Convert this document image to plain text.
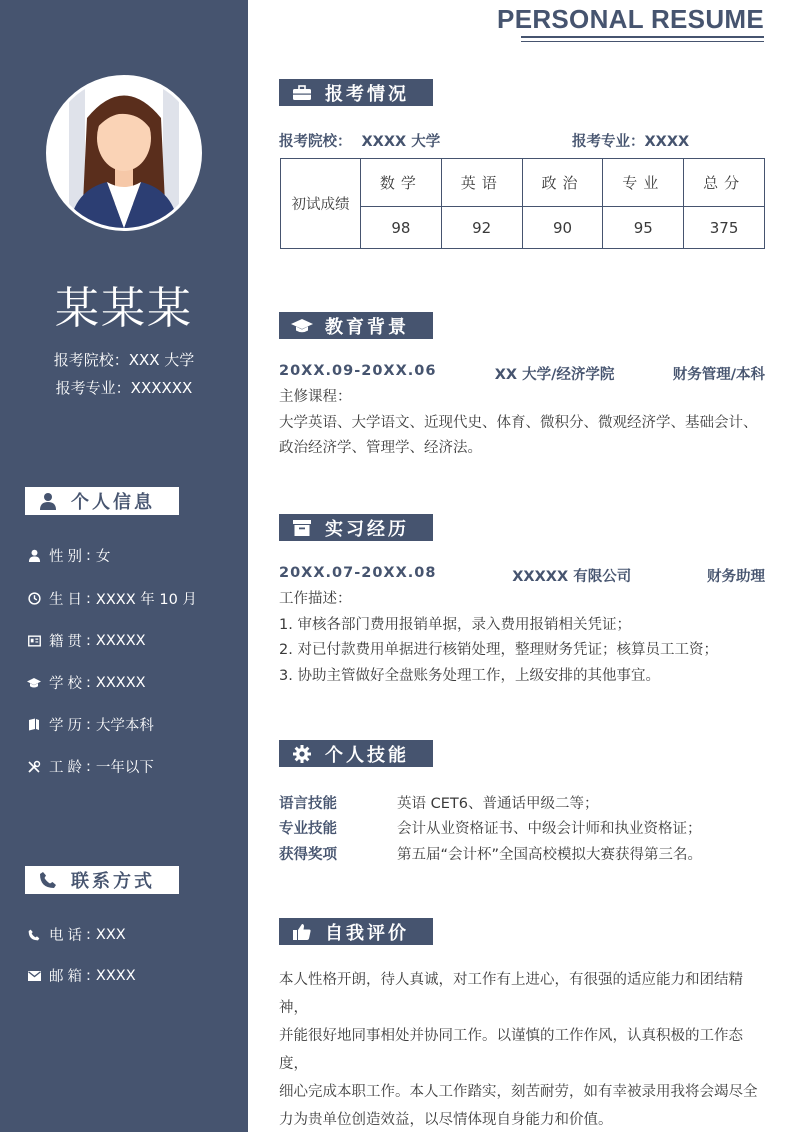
某某某
报考院校：XXX 大学
报考专业：XXXXXX
个人信息
性别 : 女
生日 : XXXX 年 10 月
籍贯 : XXXXX
学校 : XXXXX
学历 : 大学本科
工龄 : 一年以下
联系方式
电话 : XXX
邮箱 : XXXX
PERSONAL RESUME
报考情况
报考院校： XXXX 大学	报考专业：XXXX
初试成绩	数学	英语	政治	专业	总分
	98	92	90	95	375
教育背景
20XX.09-20XX.06	XX 大学/经济学院	财务管理/本科
主修课程：
大学英语、大学语文、近现代史、体育、微积分、微观经济学、基础会计、
政治经济学、管理学、经济法。
实习经历
20XX.07-20XX.08	XXXXX 有限公司	财务助理
工作描述：
1. 审核各部门费用报销单据，录入费用报销相关凭证；
2. 对已付款费用单据进行核销处理，整理财务凭证；核算员工工资；
3. 协助主管做好全盘账务处理工作，上级安排的其他事宜。
个人技能
语言技能	英语 CET6、普通话甲级二等；
专业技能	会计从业资格证书、中级会计师和执业资格证；
获得奖项	第五届“会计杯”全国高校模拟大赛获得第三名。
自我评价
本人性格开朗，待人真诚，对工作有上进心，有很强的适应能力和团结精神，
并能很好地同事相处并协同工作。以谨慎的工作作风，认真积极的工作态度，
细心完成本职工作。本人工作踏实，刻苦耐劳，如有幸被录用我将会竭尽全
力为贵单位创造效益，以尽情体现自身能力和价值。
